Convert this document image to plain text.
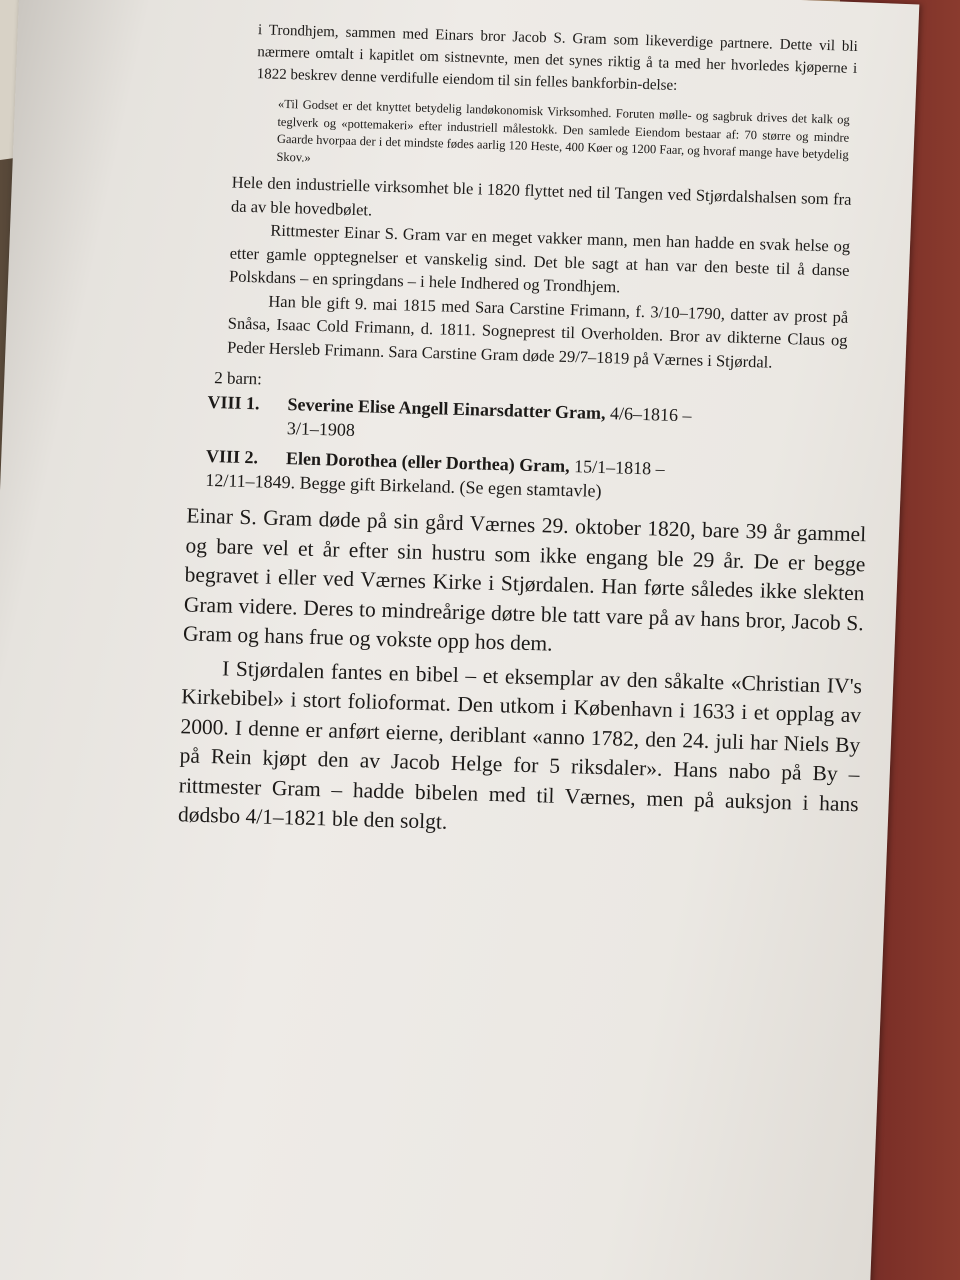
i Trondhjem, sammen med Einars bror Jacob S. Gram som likeverdige partnere. Dette vil bli nærmere omtalt i kapitlet om sistnevnte, men det synes riktig å ta med her hvorledes kjøperne i 1822 beskrev denne verdifulle eiendom til sin felles bankforbin-delse:

«Til Godset er det knyttet betydelig landøkonomisk Virksomhed. Foruten mølle- og sagbruk drives det kalk og teglverk og «pottemakeri» efter industriell målestokk. Den samlede Eiendom bestaar af: 70 større og mindre Gaarde hvorpaa der i det mindste fødes aarlig 120 Heste, 400 Køer og 1200 Faar, og hvoraf mange have betydelig Skov.»

Hele den industrielle virksomhet ble i 1820 flyttet ned til Tangen ved Stjørdalshalsen som fra da av ble hovedbølet.

Rittmester Einar S. Gram var en meget vakker mann, men han hadde en svak helse og etter gamle opptegnelser et vanskelig sind. Det ble sagt at han var den beste til å danse Polskdans – en springdans – i hele Indhered og Trondhjem.

Han ble gift 9. mai 1815 med Sara Carstine Frimann, f. 3/10–1790, datter av prost på Snåsa, Isaac Cold Frimann, d. 1811. Sogneprest til Overholden. Bror av dikterne Claus og Peder Hersleb Frimann. Sara Carstine Gram døde 29/7–1819 på Værnes i Stjørdal.

2 barn:

VIII 1. Severine Elise Angell Einarsdatter Gram, 4/6–1816 –
3/1–1908
VIII 2. Elen Dorothea (eller Dorthea) Gram, 15/1–1818 –
12/11–1849. Begge gift Birkeland. (Se egen stamtavle)

Einar S. Gram døde på sin gård Værnes 29. oktober 1820, bare 39 år gammel og bare vel et år efter sin hustru som ikke engang ble 29 år. De er begge begravet i eller ved Værnes Kirke i Stjørdalen. Han førte således ikke slekten Gram videre. Deres to mindreårige døtre ble tatt vare på av hans bror, Jacob S. Gram og hans frue og vokste opp hos dem.

I Stjørdalen fantes en bibel – et eksemplar av den såkalte «Christian IV's Kirkebibel» i stort folioformat. Den utkom i København i 1633 i et opplag av 2000. I denne er anført eierne, deriblant «anno 1782, den 24. juli har Niels By på Rein kjøpt den av Jacob Helge for 5 riksdaler». Hans nabo på By – rittmester Gram – hadde bibelen med til Værnes, men på auksjon i hans dødsbo 4/1–1821 ble den solgt.
